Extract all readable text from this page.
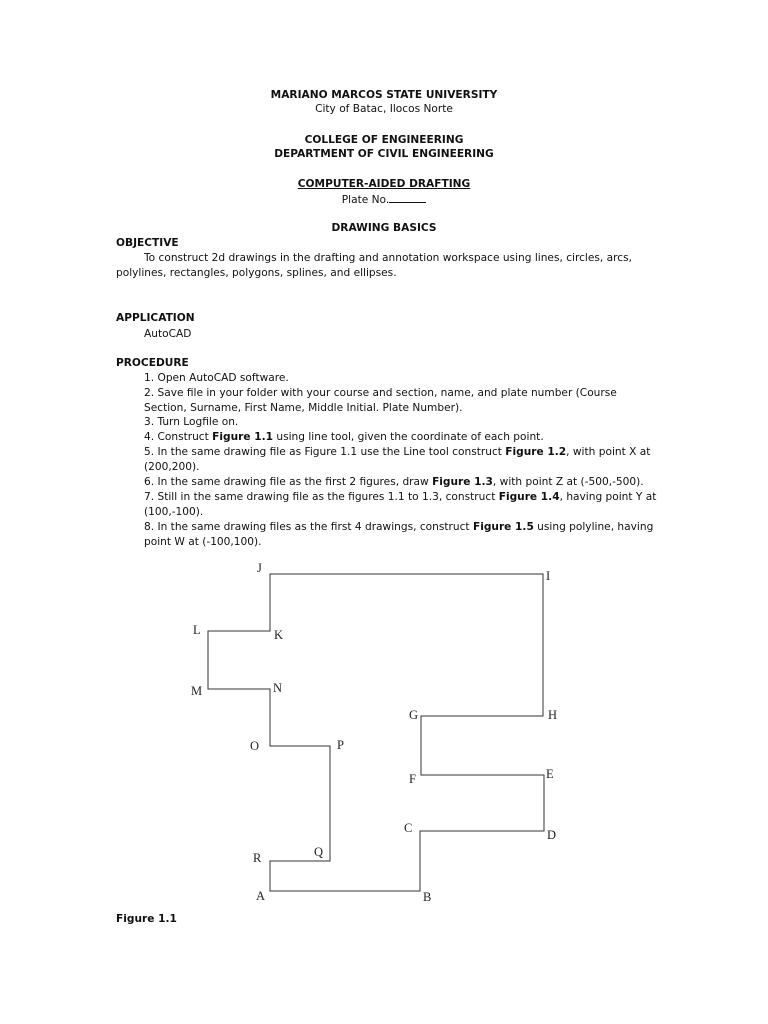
MARIANO MARCOS STATE UNIVERSITY
City of Batac, Ilocos Norte
COLLEGE OF ENGINEERING
DEPARTMENT OF CIVIL ENGINEERING
COMPUTER-AIDED DRAFTING
Plate No.
DRAWING BASICS
OBJECTIVE
To construct 2d drawings in the drafting and annotation workspace using lines, circles, arcs,
polylines, rectangles, polygons, splines, and ellipses.
APPLICATION
AutoCAD
PROCEDURE
1. Open AutoCAD software.
2. Save file in your folder with your course and section, name, and plate number (Course
Section, Surname, First Name, Middle Initial. Plate Number).
3. Turn Logfile on.
4. Construct Figure 1.1 using line tool, given the coordinate of each point.
5. In the same drawing file as Figure 1.1 use the Line tool construct Figure 1.2, with point X at
(200,200).
6. In the same drawing file as the first 2 figures, draw Figure 1.3, with point Z at (-500,-500).
7. Still in the same drawing file as the figures 1.1 to 1.3, construct Figure 1.4, having point Y at
(100,-100).
8. In the same drawing files as the first 4 drawings, construct Figure 1.5 using polyline, having
point W at (-100,100).
A	B
C	D
E
F
G	H
I
J
K
L
M	N
O	P
Q
R
Figure 1.1
